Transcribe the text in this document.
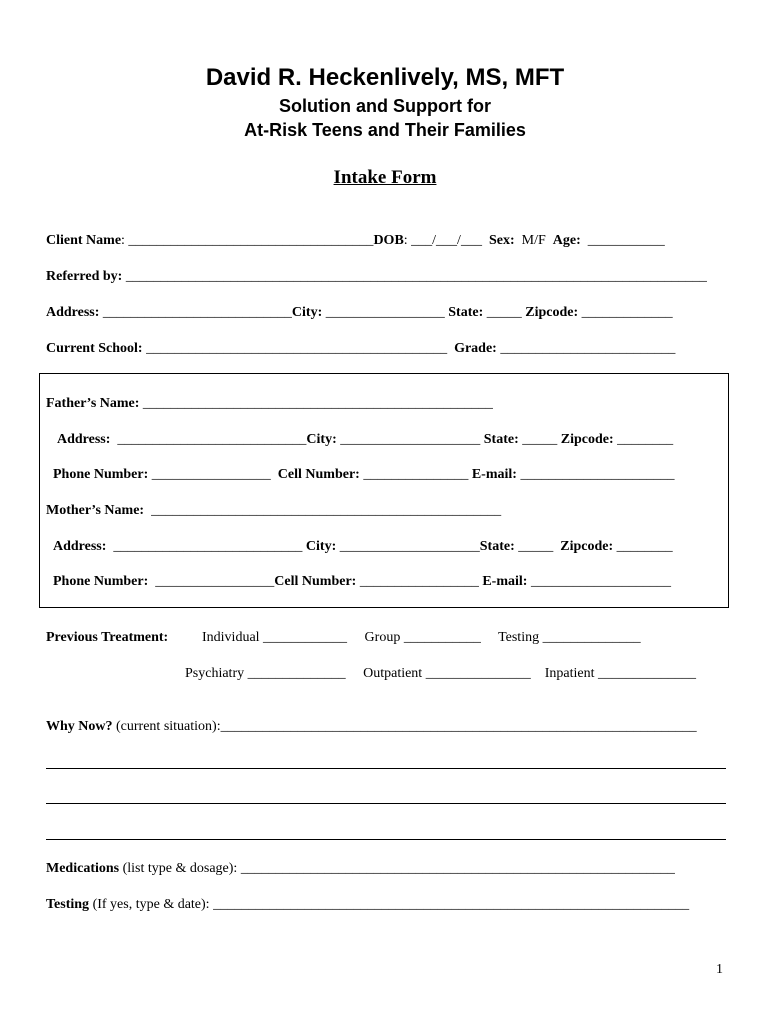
David R. Heckenlively, MS, MFT
Solution and Support for
At-Risk Teens and Their Families
Intake Form
Client Name: ___________________________________DOB: ___/___/___  Sex:  M/F  Age:  ___________
Referred by: ___________________________________________________________________________________
Address: ___________________________City: _________________ State: _____ Zipcode: _____________
Current School: ___________________________________________  Grade: _________________________
Father’s Name: __________________________________________________
Address:  ___________________________City: ____________________ State: _____ Zipcode: ________
Phone Number: _________________  Cell Number: _______________ E-mail: ______________________
Mother’s Name:  __________________________________________________
Address:  ___________________________ City: ____________________State: _____  Zipcode: ________
Phone Number:  _________________Cell Number: _________________ E-mail: ____________________
Previous Treatment: Individual ____________     Group ___________     Testing ______________
Psychiatry ______________     Outpatient _______________    Inpatient ______________
Why Now? (current situation):____________________________________________________________________
Medications (list type & dosage): ______________________________________________________________
Testing (If yes, type & date): ____________________________________________________________________
1
